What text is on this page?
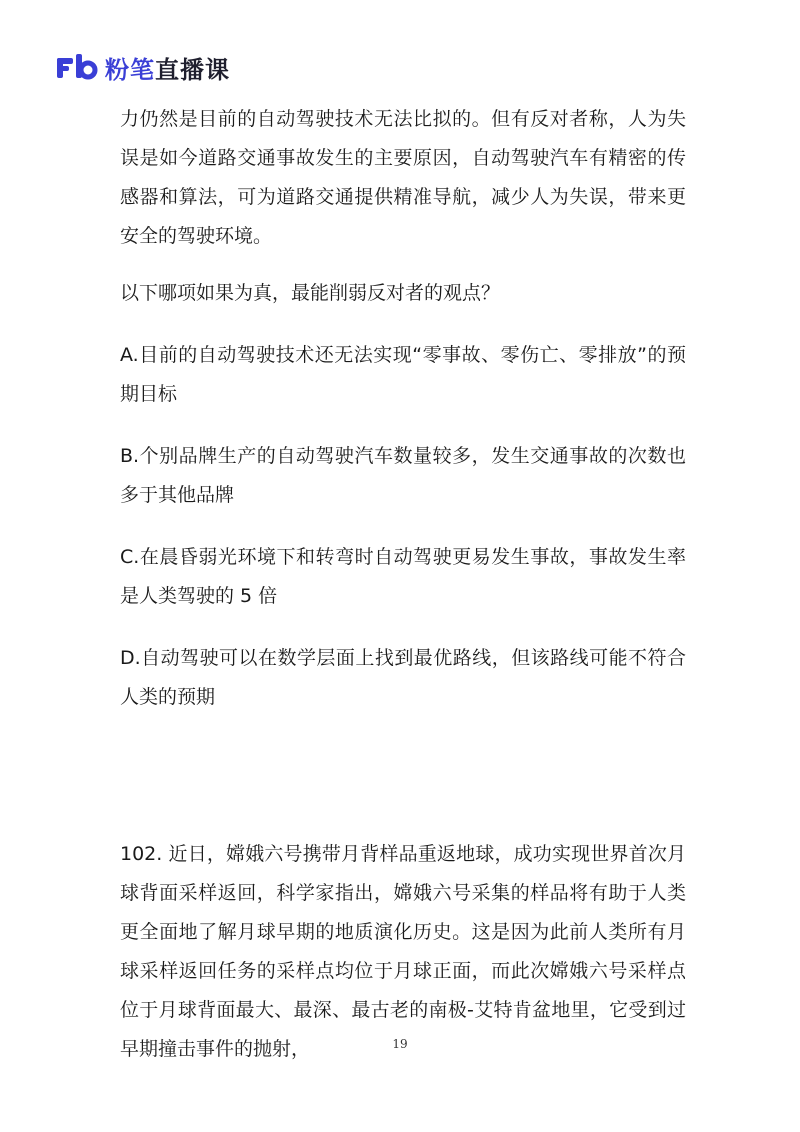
Fb
粉笔直播课

力仍然是目前的自动驾驶技术无法比拟的。但有反对者称，人为失误是如今道路交通事故发生的主要原因，自动驾驶汽车有精密的传感器和算法，可为道路交通提供精准导航，减少人为失误，带来更安全的驾驶环境。

以下哪项如果为真，最能削弱反对者的观点？

A.目前的自动驾驶技术还无法实现“零事故、零伤亡、零排放”的预期目标

B.个别品牌生产的自动驾驶汽车数量较多，发生交通事故的次数也多于其他品牌

C.在晨昏弱光环境下和转弯时自动驾驶更易发生事故，事故发生率是人类驾驶的 5 倍

D.自动驾驶可以在数学层面上找到最优路线，但该路线可能不符合人类的预期

102. 近日，嫦娥六号携带月背样品重返地球，成功实现世界首次月球背面采样返回，科学家指出，嫦娥六号采集的样品将有助于人类更全面地了解月球早期的地质演化历史。这是因为此前人类所有月球采样返回任务的采样点均位于月球正面，而此次嫦娥六号采样点位于月球背面最大、最深、最古老的南极-艾特肯盆地里，它受到过早期撞击事件的抛射，	19
